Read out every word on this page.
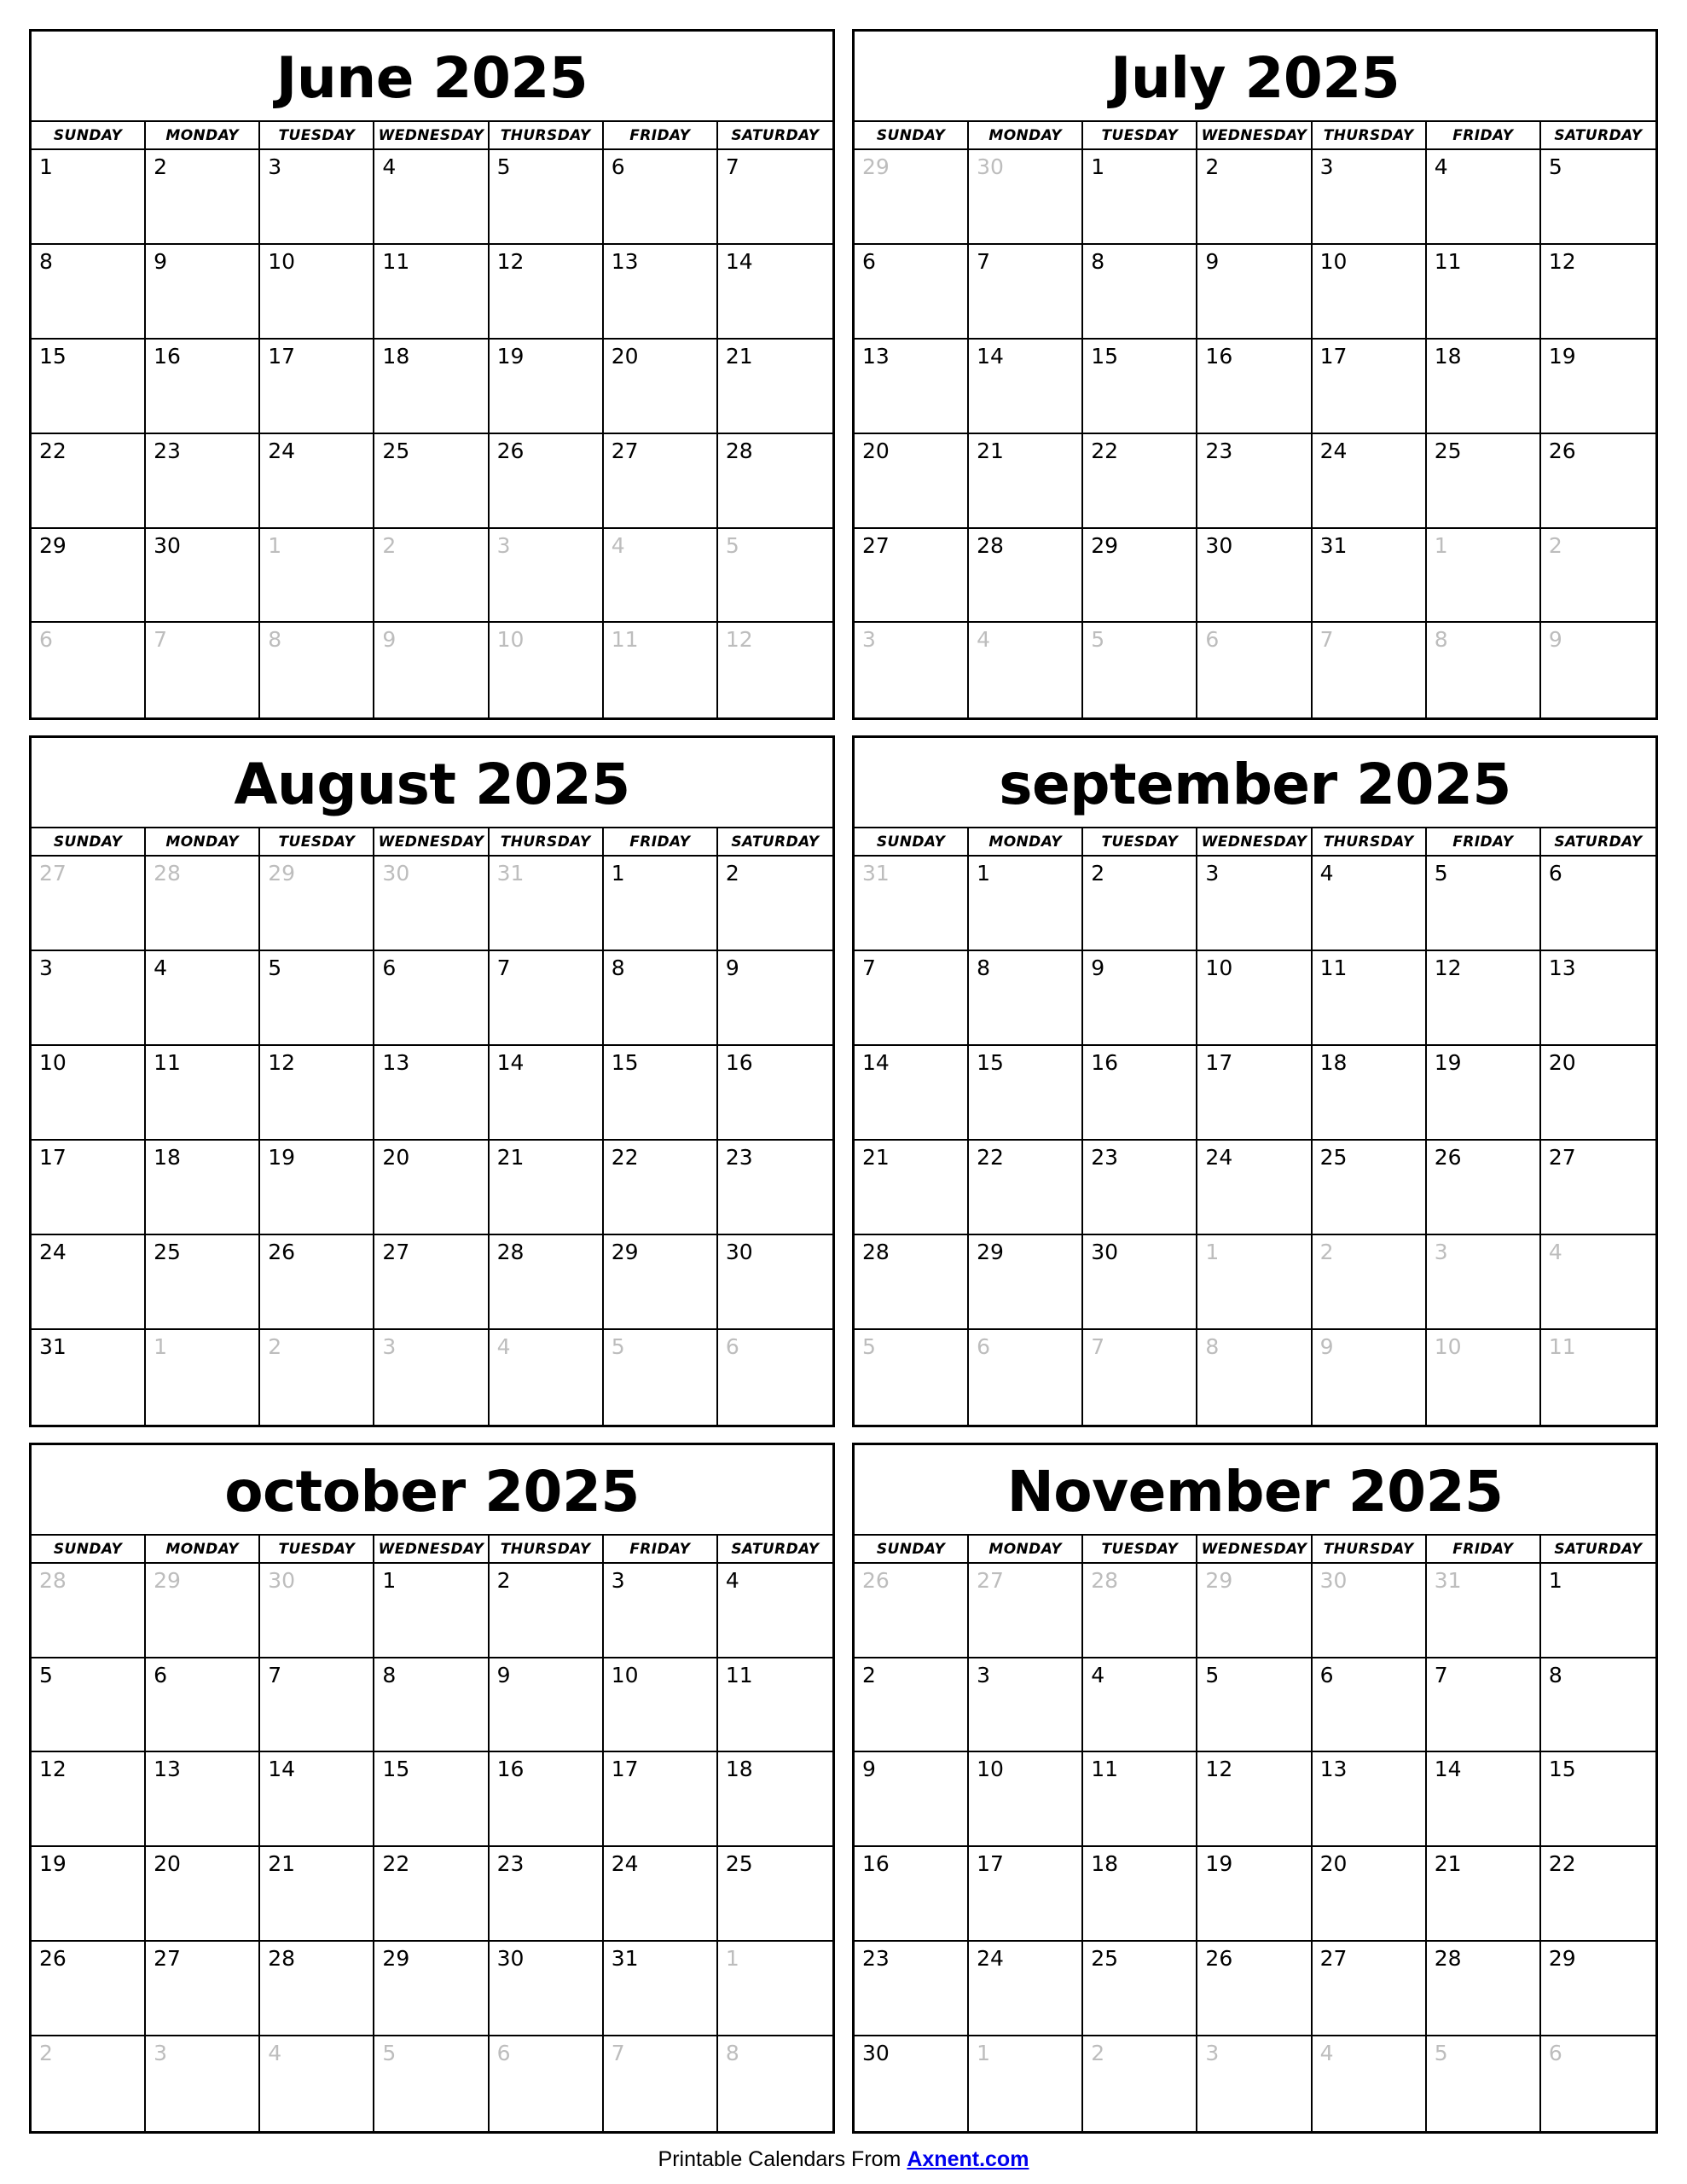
June 2025
SUNDAY	MONDAY	TUESDAY	WEDNESDAY	THURSDAY	FRIDAY	SATURDAY
1	2	3	4	5	6	7
8	9	10	11	12	13	14
15	16	17	18	19	20	21
22	23	24	25	26	27	28
29	30	1	2	3	4	5
6	7	8	9	10	11	12
July 2025
SUNDAY	MONDAY	TUESDAY	WEDNESDAY	THURSDAY	FRIDAY	SATURDAY
29	30	1	2	3	4	5
6	7	8	9	10	11	12
13	14	15	16	17	18	19
20	21	22	23	24	25	26
27	28	29	30	31	1	2
3	4	5	6	7	8	9
August 2025
SUNDAY	MONDAY	TUESDAY	WEDNESDAY	THURSDAY	FRIDAY	SATURDAY
27	28	29	30	31	1	2
3	4	5	6	7	8	9
10	11	12	13	14	15	16
17	18	19	20	21	22	23
24	25	26	27	28	29	30
31	1	2	3	4	5	6
september 2025
SUNDAY	MONDAY	TUESDAY	WEDNESDAY	THURSDAY	FRIDAY	SATURDAY
31	1	2	3	4	5	6
7	8	9	10	11	12	13
14	15	16	17	18	19	20
21	22	23	24	25	26	27
28	29	30	1	2	3	4
5	6	7	8	9	10	11
october 2025
SUNDAY	MONDAY	TUESDAY	WEDNESDAY	THURSDAY	FRIDAY	SATURDAY
28	29	30	1	2	3	4
5	6	7	8	9	10	11
12	13	14	15	16	17	18
19	20	21	22	23	24	25
26	27	28	29	30	31	1
2	3	4	5	6	7	8
November 2025
SUNDAY	MONDAY	TUESDAY	WEDNESDAY	THURSDAY	FRIDAY	SATURDAY
26	27	28	29	30	31	1
2	3	4	5	6	7	8
9	10	11	12	13	14	15
16	17	18	19	20	21	22
23	24	25	26	27	28	29
30	1	2	3	4	5	6
Printable Calendars From Axnent.com
